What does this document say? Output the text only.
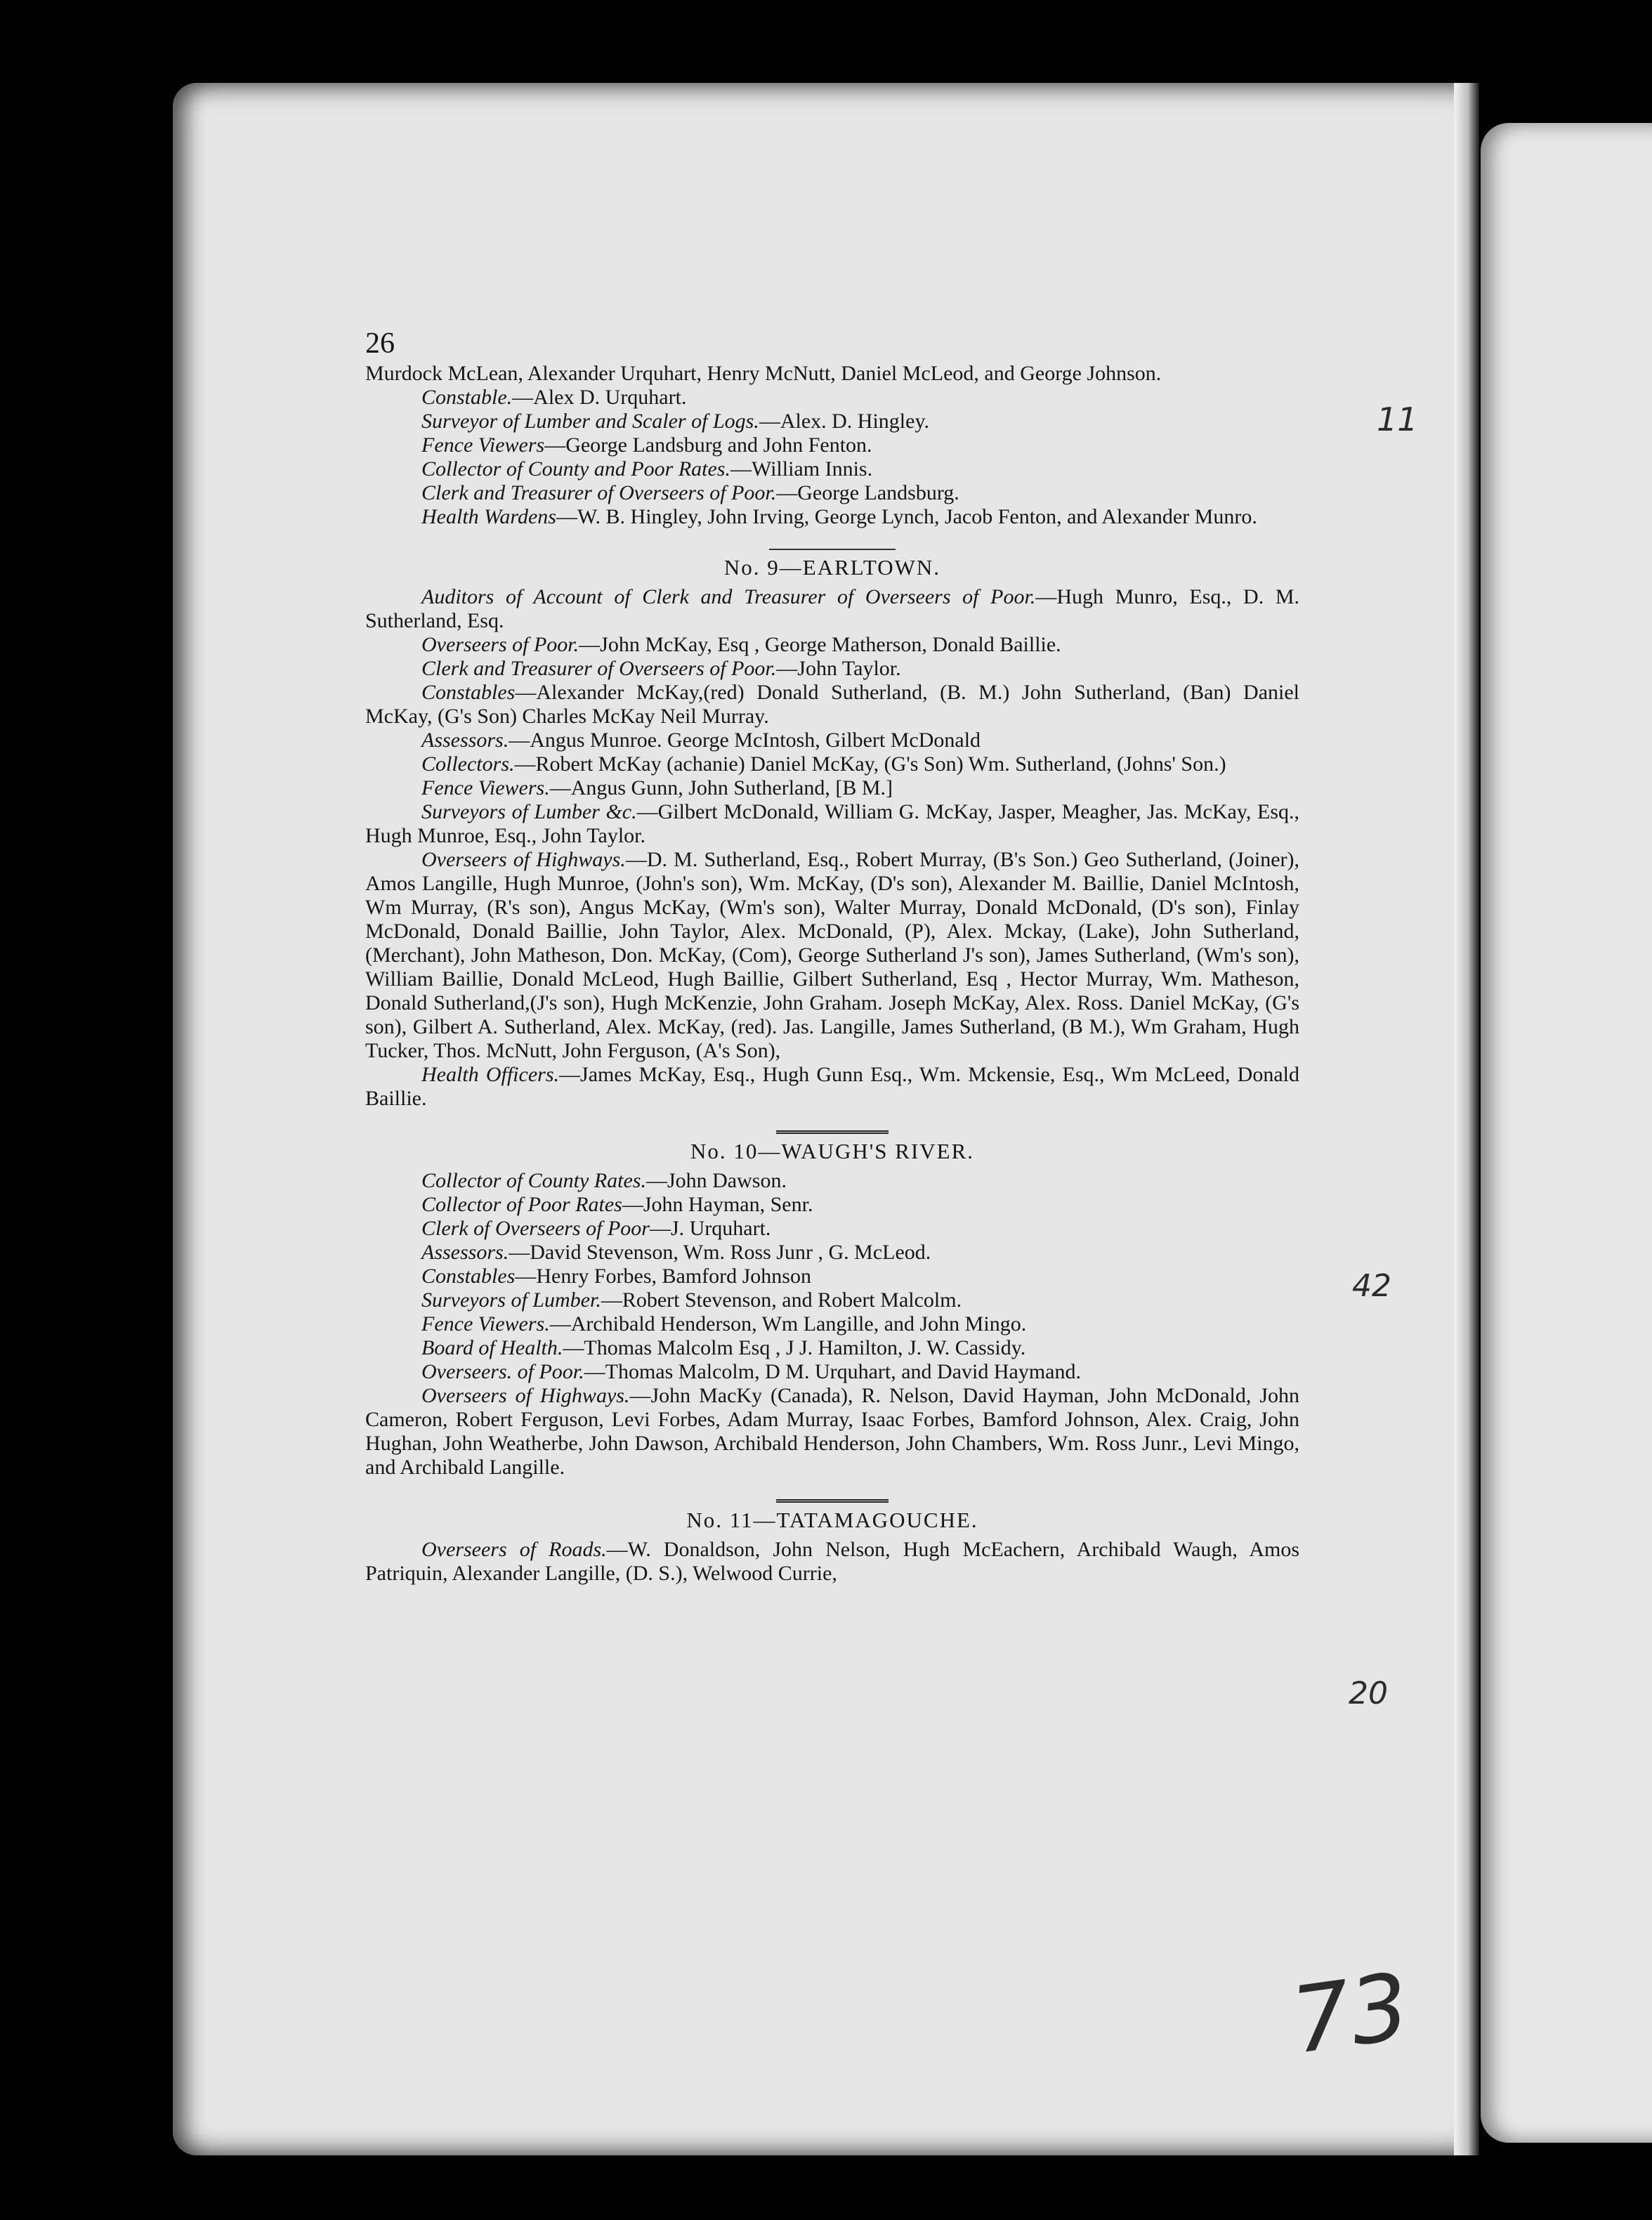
26

Murdock McLean, Alexander Urquhart, Henry McNutt, Daniel McLeod, and George Johnson.

Constable.—Alex D. Urquhart.

Surveyor of Lumber and Scaler of Logs.—Alex. D. Hingley.

Fence Viewers—George Landsburg and John Fenton.

Collector of County and Poor Rates.—William Innis.

Clerk and Treasurer of Overseers of Poor.—George Landsburg.

Health Wardens—W. B. Hingley, John Irving, George Lynch, Jacob Fenton, and Alexander Munro.

No. 9—EARLTOWN.

Auditors of Account of Clerk and Treasurer of Overseers of Poor.—Hugh Munro, Esq., D. M. Sutherland, Esq.

Overseers of Poor.—John McKay, Esq , George Matherson, Donald Baillie.

Clerk and Treasurer of Overseers of Poor.—John Taylor.

Constables—Alexander McKay,(red) Donald Sutherland, (B. M.) John Sutherland, (Ban) Daniel McKay, (G's Son) Charles McKay Neil Murray.

Assessors.—Angus Munroe. George McIntosh, Gilbert McDonald

Collectors.—Robert McKay (achanie) Daniel McKay, (G's Son) Wm. Sutherland, (Johns' Son.)

Fence Viewers.—Angus Gunn, John Sutherland, [B M.]

Surveyors of Lumber &c.—Gilbert McDonald, William G. McKay, Jasper, Meagher, Jas. McKay, Esq., Hugh Munroe, Esq., John Taylor.

Overseers of Highways.—D. M. Sutherland, Esq., Robert Murray, (B's Son.) Geo Sutherland, (Joiner), Amos Langille, Hugh Munroe, (John's son), Wm. McKay, (D's son), Alexander M. Baillie, Daniel McIntosh, Wm Murray, (R's son), Angus McKay, (Wm's son), Walter Murray, Donald McDonald, (D's son), Finlay McDonald, Donald Baillie, John Taylor, Alex. McDonald, (P), Alex. Mckay, (Lake), John Sutherland,(Merchant), John Matheson, Don. McKay, (Com), George Sutherland J's son), James Sutherland, (Wm's son), William Baillie, Donald McLeod, Hugh Baillie, Gilbert Sutherland, Esq , Hector Murray, Wm. Matheson, Donald Sutherland,(J's son), Hugh McKenzie, John Graham. Joseph McKay, Alex. Ross. Daniel McKay, (G's son), Gilbert A. Sutherland, Alex. McKay, (red). Jas. Langille, James Sutherland, (B M.), Wm Graham, Hugh Tucker, Thos. McNutt, John Ferguson, (A's Son),

Health Officers.—James McKay, Esq., Hugh Gunn Esq., Wm. Mckensie, Esq., Wm McLeed, Donald Baillie.

No. 10—WAUGH'S RIVER.

Collector of County Rates.—John Dawson.

Collector of Poor Rates—John Hayman, Senr.

Clerk of Overseers of Poor—J. Urquhart.

Assessors.—David Stevenson, Wm. Ross Junr , G. McLeod.

Constables—Henry Forbes, Bamford Johnson

Surveyors of Lumber.—Robert Stevenson, and Robert Malcolm.

Fence Viewers.—Archibald Henderson, Wm Langille, and John Mingo.

Board of Health.—Thomas Malcolm Esq , J J. Hamilton, J. W. Cassidy.

Overseers. of Poor.—Thomas Malcolm, D M. Urquhart, and David Haymand.

Overseers of Highways.—John MacKy (Canada), R. Nelson, David Hayman, John McDonald, John Cameron, Robert Ferguson, Levi Forbes, Adam Murray, Isaac Forbes, Bamford Johnson, Alex. Craig, John Hughan, John Weatherbe, John Dawson, Archibald Henderson, John Chambers, Wm. Ross Junr., Levi Mingo, and Archibald Langille.

No. 11—TATAMAGOUCHE.

Overseers of Roads.—W. Donaldson, John Nelson, Hugh McEachern, Archibald Waugh, Amos Patriquin, Alexander Langille, (D. S.), Welwood Currie,

11
42
20
73
